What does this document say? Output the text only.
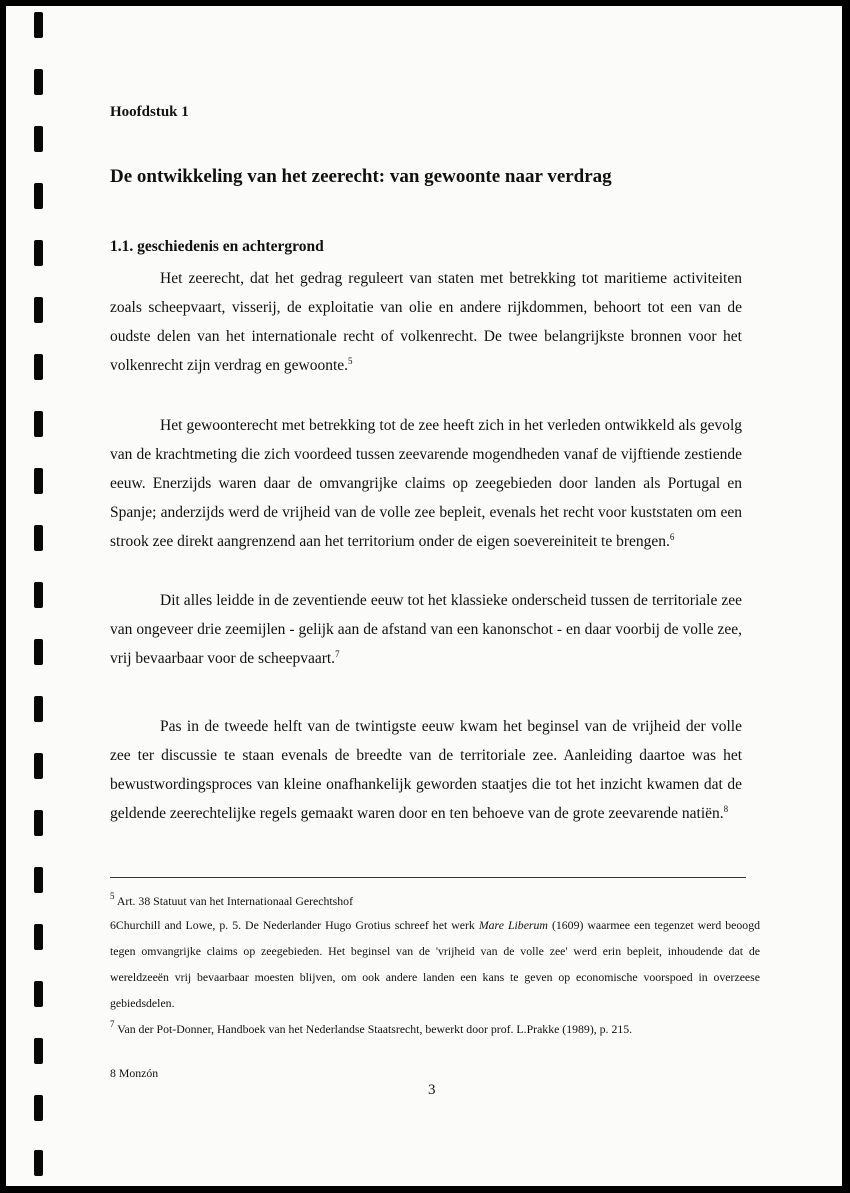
Hoofdstuk 1
De ontwikkeling van het zeerecht: van gewoonte naar verdrag
1.1. geschiedenis en achtergrond

Het zeerecht, dat het gedrag reguleert van staten met betrekking tot maritieme activiteiten zoals scheepvaart, visserij, de exploitatie van olie en andere rijkdommen, behoort tot een van de oudste delen van het internationale recht of volkenrecht. De twee belangrijkste bronnen voor het volkenrecht zijn verdrag en gewoonte.$^5$

Het gewoonterecht met betrekking tot de zee heeft zich in het verleden ontwikkeld als gevolg van de krachtmeting die zich voordeed tussen zeevarende mogendheden vanaf de vijftiende zestiende eeuw. Enerzijds waren daar de omvangrijke claims op zeegebieden door landen als Portugal en Spanje; anderzijds werd de vrijheid van de volle zee bepleit, evenals het recht voor kuststaten om een strook zee direkt aangrenzend aan het territorium onder de eigen soevereiniteit te brengen.$^6$

Dit alles leidde in de zeventiende eeuw tot het klassieke onderscheid tussen de territoriale zee van ongeveer drie zeemijlen - gelijk aan de afstand van een kanonschot - en daar voorbij de volle zee, vrij bevaarbaar voor de scheepvaart.$^7$

Pas in de tweede helft van de twintigste eeuw kwam het beginsel van de vrijheid der volle zee ter discussie te staan evenals de breedte van de territoriale zee. Aanleiding daartoe was het bewustwordingsproces van kleine onafhankelijk geworden staatjes die tot het inzicht kwamen dat de geldende zeerechtelijke regels gemaakt waren door en ten behoeve van de grote zeevarende natiën.$^8$

$^5$ Art. 38 Statuut van het Internationaal Gerechtshof

6Churchill and Lowe, p. 5. De Nederlander Hugo Grotius schreef het werk Mare Liberum (1609) waarmee een tegenzet werd beoogd tegen omvangrijke claims op zeegebieden. Het beginsel van de 'vrijheid van de volle zee' werd erin bepleit, inhoudende dat de wereldzeeën vrij bevaarbaar moesten blijven, om ook andere landen een kans te geven op economische voorspoed in overzeese gebiedsdelen.

$^7$ Van der Pot-Donner, Handboek van het Nederlandse Staatsrecht, bewerkt door prof. L.Prakke (1989), p. 215.

8 Monzón

3
